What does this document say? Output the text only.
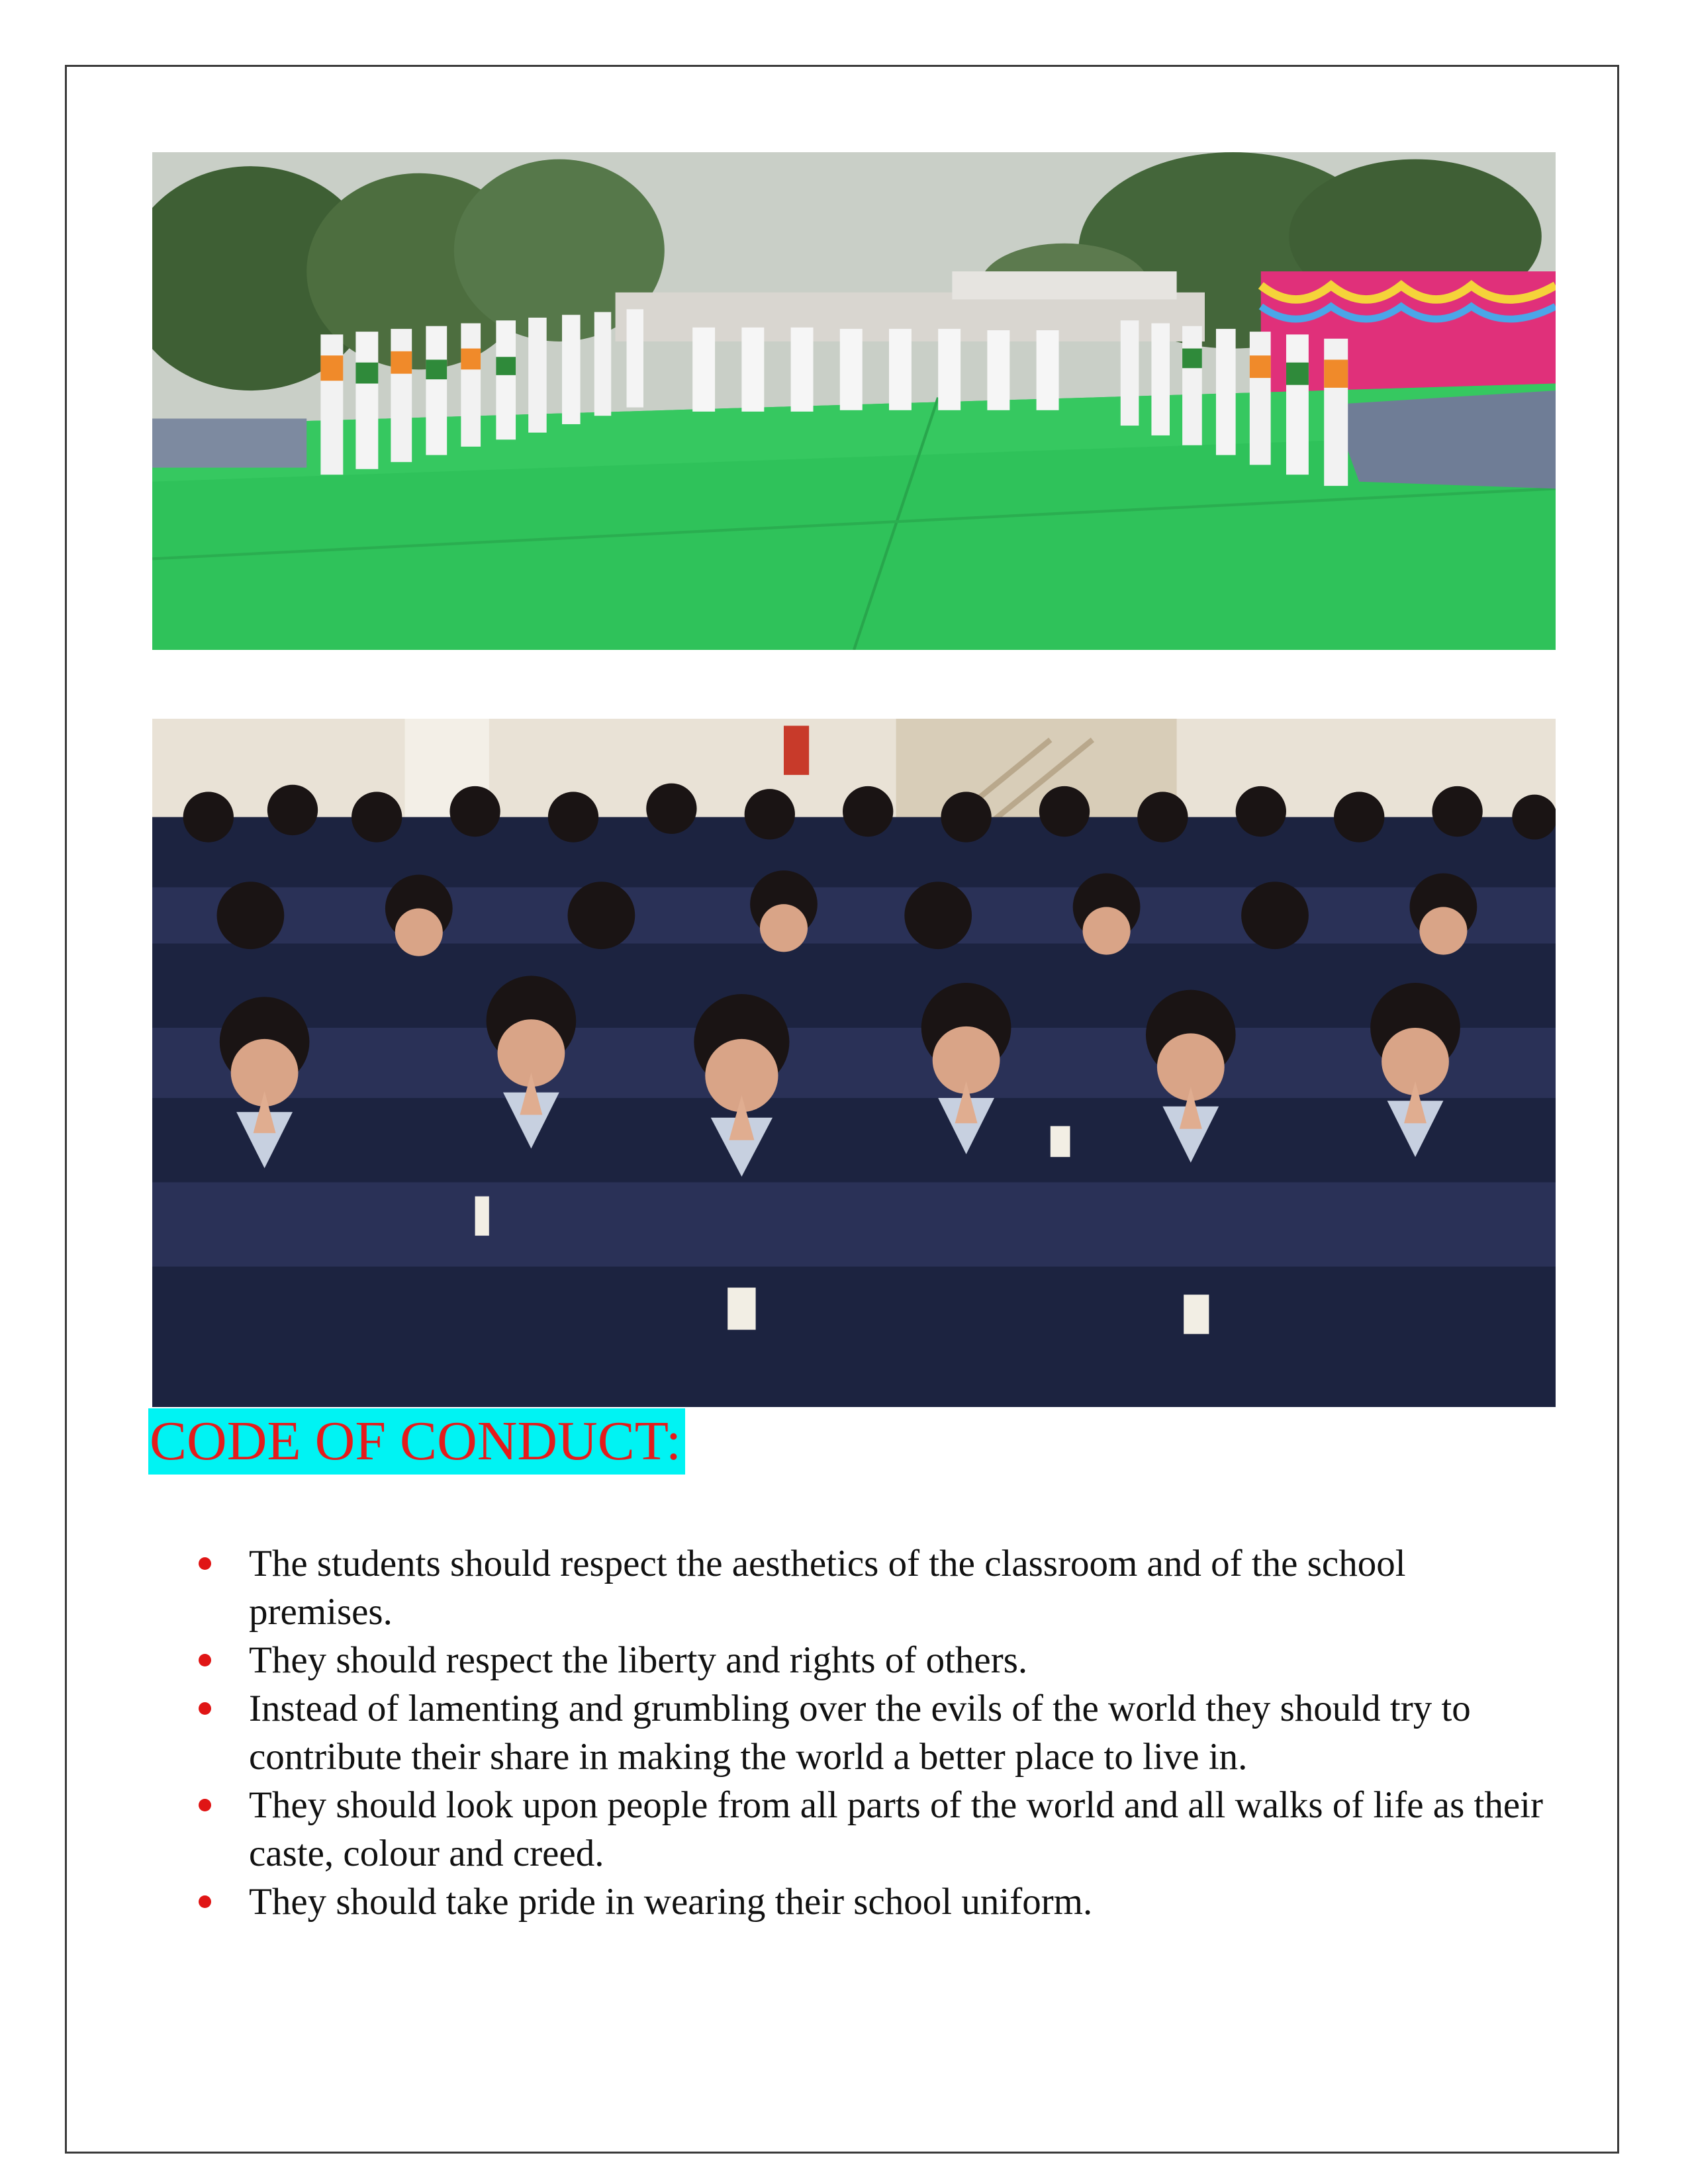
CODE OF CONDUCT:
The students should respect the aesthetics of the classroom and of the school premises.
They should respect the liberty and rights of others.
Instead of lamenting and grumbling over the evils of the world they should try to contribute their share in making the world a better place to live in.
They should look upon people from all parts of the world and all walks of life as their caste, colour and creed.
They should take pride in wearing their school uniform.
